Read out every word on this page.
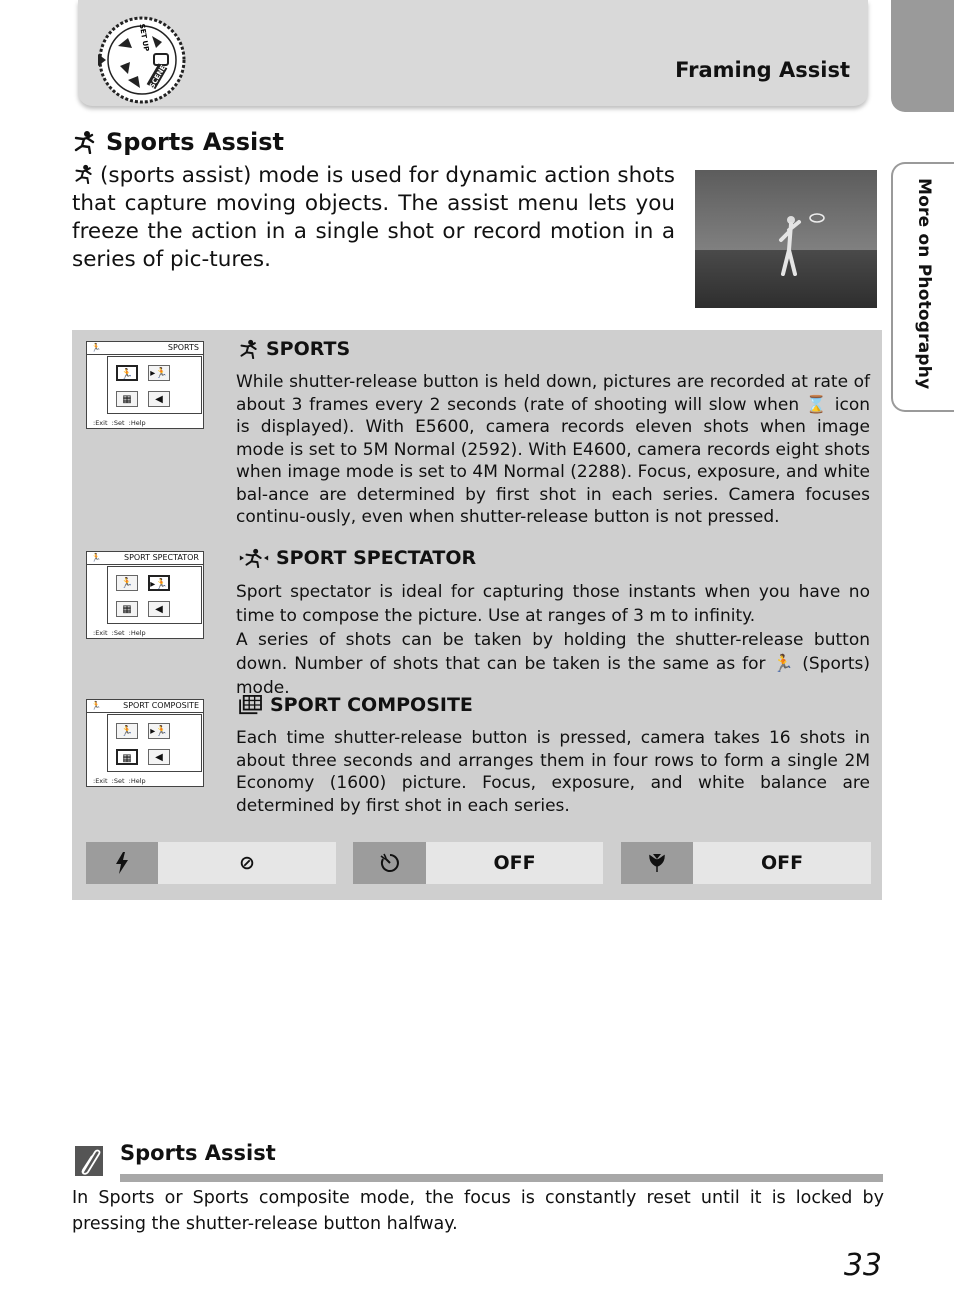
Framing Assist
SET UP
SCENE
More on Photography
Sports Assist

(sports assist) mode is used for dynamic action shots that capture moving objects. The assist menu lets you freeze the action in a single shot or record motion in a series of pic-tures.

🏃	SPORTS
🏃	▸🏃
▦	◀
:Exit :Set :Help
🏃	SPORT SPECTATOR
🏃	▸🏃
▦	◀
:Exit :Set :Help
🏃	SPORT COMPOSITE
🏃	▸🏃
▦	◀
:Exit :Set :Help
SPORTS

While shutter-release button is held down, pictures are recorded at rate of about 3 frames every 2 seconds (rate of shooting will slow when ⌛ icon is displayed). With E5600, camera records eleven shots when image mode is set to 5M Normal (2592). With E4600, camera records eight shots when image mode is set to 4M Normal (2288). Focus, exposure, and white bal-ance are determined by first shot in each series. Camera focuses continu-ously, even when shutter-release button is not pressed.

SPORT SPECTATOR

Sport spectator is ideal for capturing those instants when you have no time to compose the picture. Use at ranges of 3 m to infinity.

A series of shots can be taken by holding the shutter-release button down. Number of shots that can be taken is the same as for 🏃 (Sports) mode.

SPORT COMPOSITE

Each time shutter-release button is pressed, camera takes 16 shots in about three seconds and arranges them in four rows to form a single 2M Economy (1600) picture. Focus, exposure, and white balance are determined by first shot in each series.

⊘	OFF	OFF
Sports Assist

In Sports or Sports composite mode, the focus is constantly reset until it is locked by pressing the shutter-release button halfway.

33
